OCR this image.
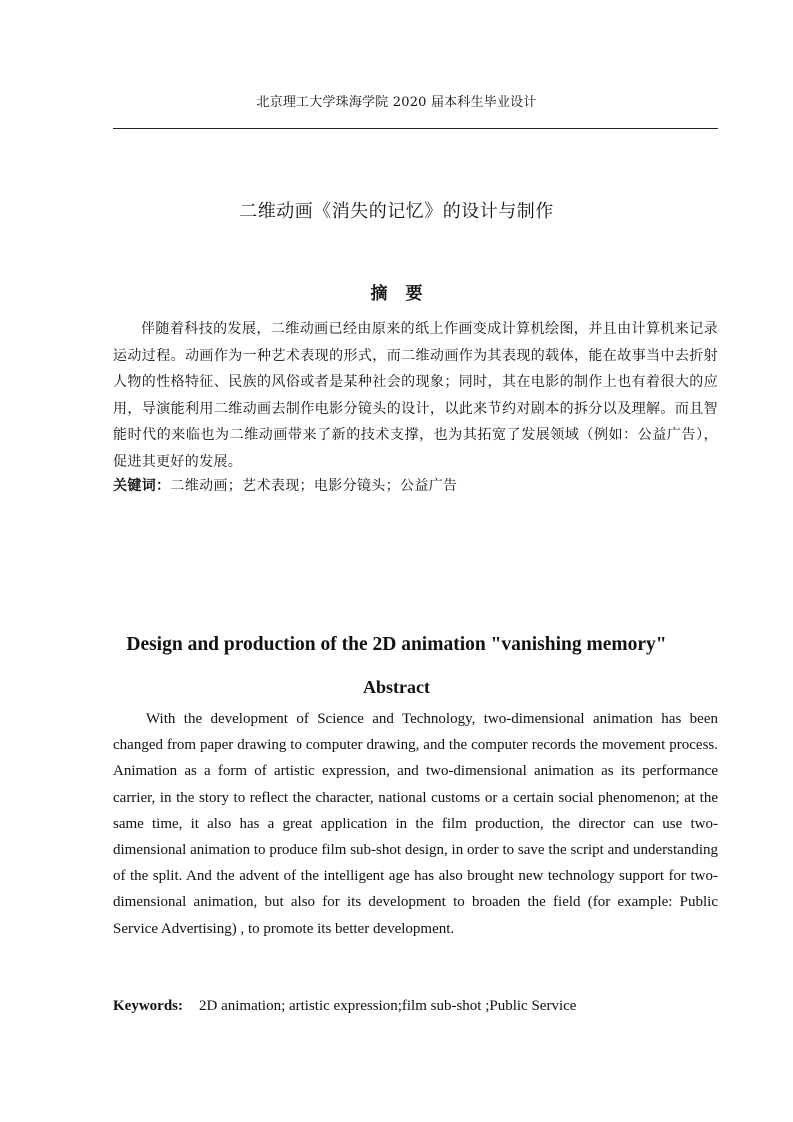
北京理工大学珠海学院 2020 届本科生毕业设计
二维动画《消失的记忆》的设计与制作
摘要
伴随着科技的发展，二维动画已经由原来的纸上作画变成计算机绘图，并且由计算机来记录运动过程。动画作为一种艺术表现的形式，而二维动画作为其表现的载体，能在故事当中去折射人物的性格特征、民族的风俗或者是某种社会的现象；同时，其在电影的制作上也有着很大的应用，导演能利用二维动画去制作电影分镜头的设计，以此来节约对剧本的拆分以及理解。而且智能时代的来临也为二维动画带来了新的技术支撑，也为其拓宽了发展领域（例如：公益广告），促进其更好的发展。
关键词：二维动画；艺术表现；电影分镜头；公益广告
Design and production of the 2D animation "vanishing memory"
Abstract
With the development of Science and Technology, two-dimensional animation has been changed from paper drawing to computer drawing, and the computer records the movement process. Animation as a form of artistic expression, and two-dimensional animation as its performance carrier, in the story to reflect the character, national customs or a certain social phenomenon; at the same time, it also has a great application in the film production, the director can use two-dimensional animation to produce film sub-shot design, in order to save the script and understanding of the split. And the advent of the intelligent age has also brought new technology support for two-dimensional animation, but also for its development to broaden the field (for example: Public Service Advertising) , to promote its better development.
Keywords: 2D animation; artistic expression;film sub-shot ;Public Service
